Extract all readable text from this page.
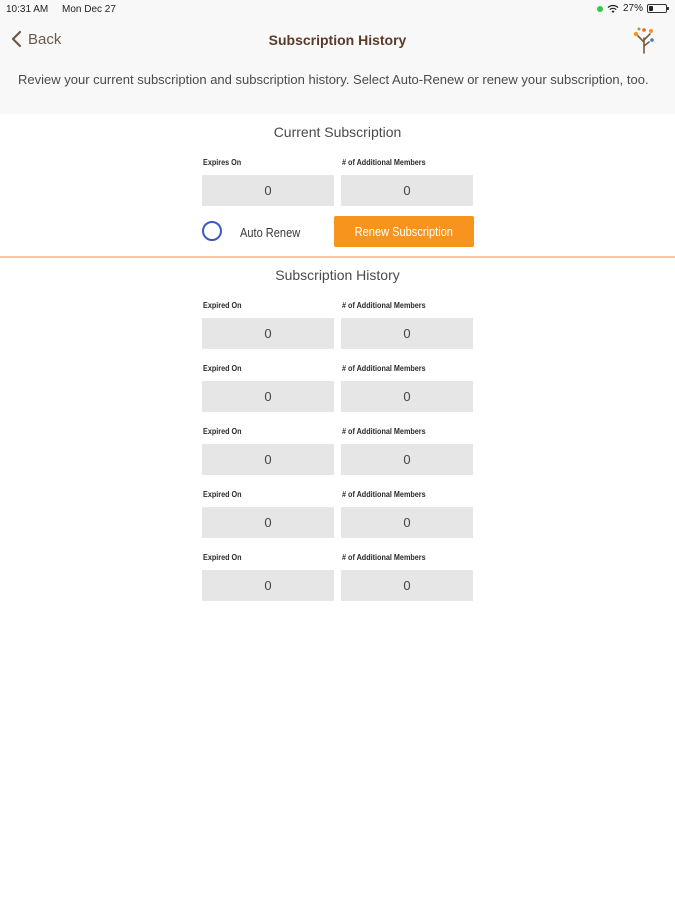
10:31 AM Mon Dec 27	27%
Back	Subscription History
Review your current subscription and subscription history. Select Auto-Renew or renew your subscription, too.
Current Subscription
Expires On	# of Additional Members
0	0
Auto Renew	Renew Subscription
Subscription History
Expired On	# of Additional Members
0	0
Expired On	# of Additional Members
0	0
Expired On	# of Additional Members
0	0
Expired On	# of Additional Members
0	0
Expired On	# of Additional Members
0	0
